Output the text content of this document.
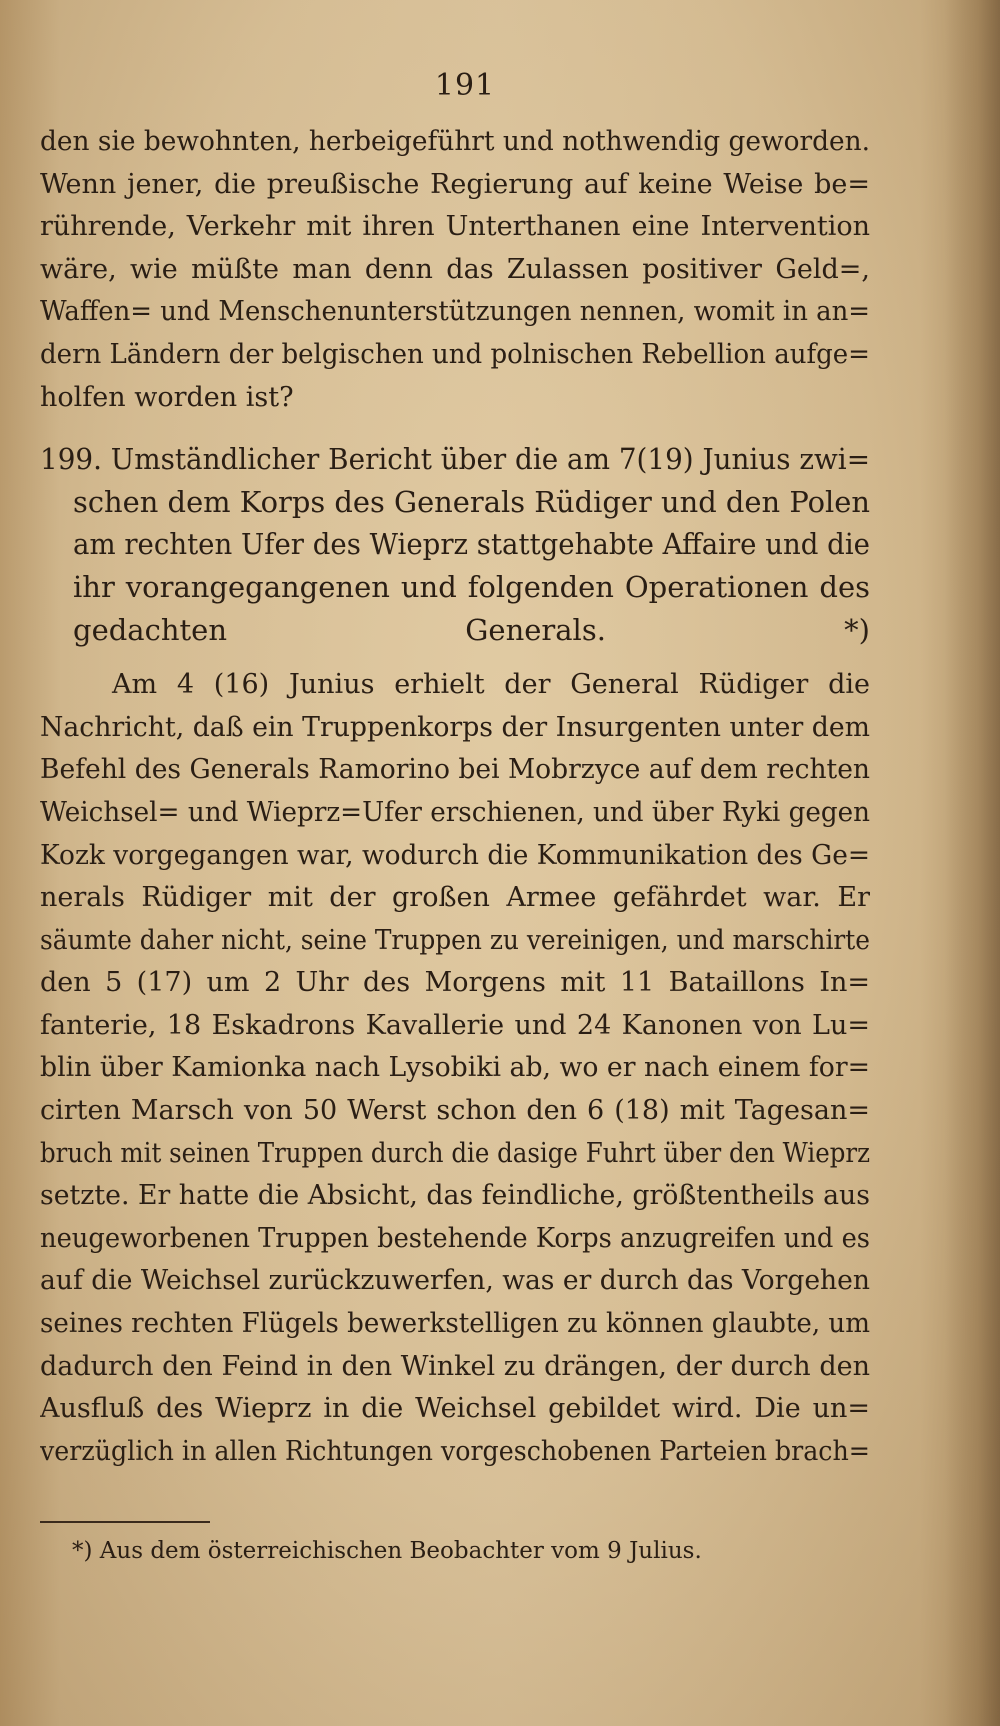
191
den sie bewohnten, herbeigeführt und nothwendig geworden.
Wenn jener, die preußische Regierung auf keine Weise be=
rührende, Verkehr mit ihren Unterthanen eine Intervention
wäre, wie müßte man denn das Zulassen positiver Geld=,
Waffen= und Menschenunterstützungen nennen, womit in an=
dern Ländern der belgischen und polnischen Rebellion aufge=
holfen worden ist?
199. Umständlicher Bericht über die am 7(19) Junius zwi=
schen dem Korps des Generals Rüdiger und den Polen
am rechten Ufer des Wieprz stattgehabte Affaire und die
ihr vorangegangenen und folgenden Operationen des
gedachten Generals. *)
Am 4 (16) Junius erhielt der General Rüdiger die
Nachricht, daß ein Truppenkorps der Insurgenten unter dem
Befehl des Generals Ramorino bei Mobrzyce auf dem rechten
Weichsel= und Wieprz=Ufer erschienen, und über Ryki gegen
Kozk vorgegangen war, wodurch die Kommunikation des Ge=
nerals Rüdiger mit der großen Armee gefährdet war. Er
säumte daher nicht, seine Truppen zu vereinigen, und marschirte
den 5 (17) um 2 Uhr des Morgens mit 11 Bataillons In=
fanterie, 18 Eskadrons Kavallerie und 24 Kanonen von Lu=
blin über Kamionka nach Lysobiki ab, wo er nach einem for=
cirten Marsch von 50 Werst schon den 6 (18) mit Tagesan=
bruch mit seinen Truppen durch die dasige Fuhrt über den Wieprz
setzte. Er hatte die Absicht, das feindliche, größtentheils aus
neugeworbenen Truppen bestehende Korps anzugreifen und es
auf die Weichsel zurückzuwerfen, was er durch das Vorgehen
seines rechten Flügels bewerkstelligen zu können glaubte, um
dadurch den Feind in den Winkel zu drängen, der durch den
Ausfluß des Wieprz in die Weichsel gebildet wird. Die un=
verzüglich in allen Richtungen vorgeschobenen Parteien brach=
*) Aus dem österreichischen Beobachter vom 9 Julius.
